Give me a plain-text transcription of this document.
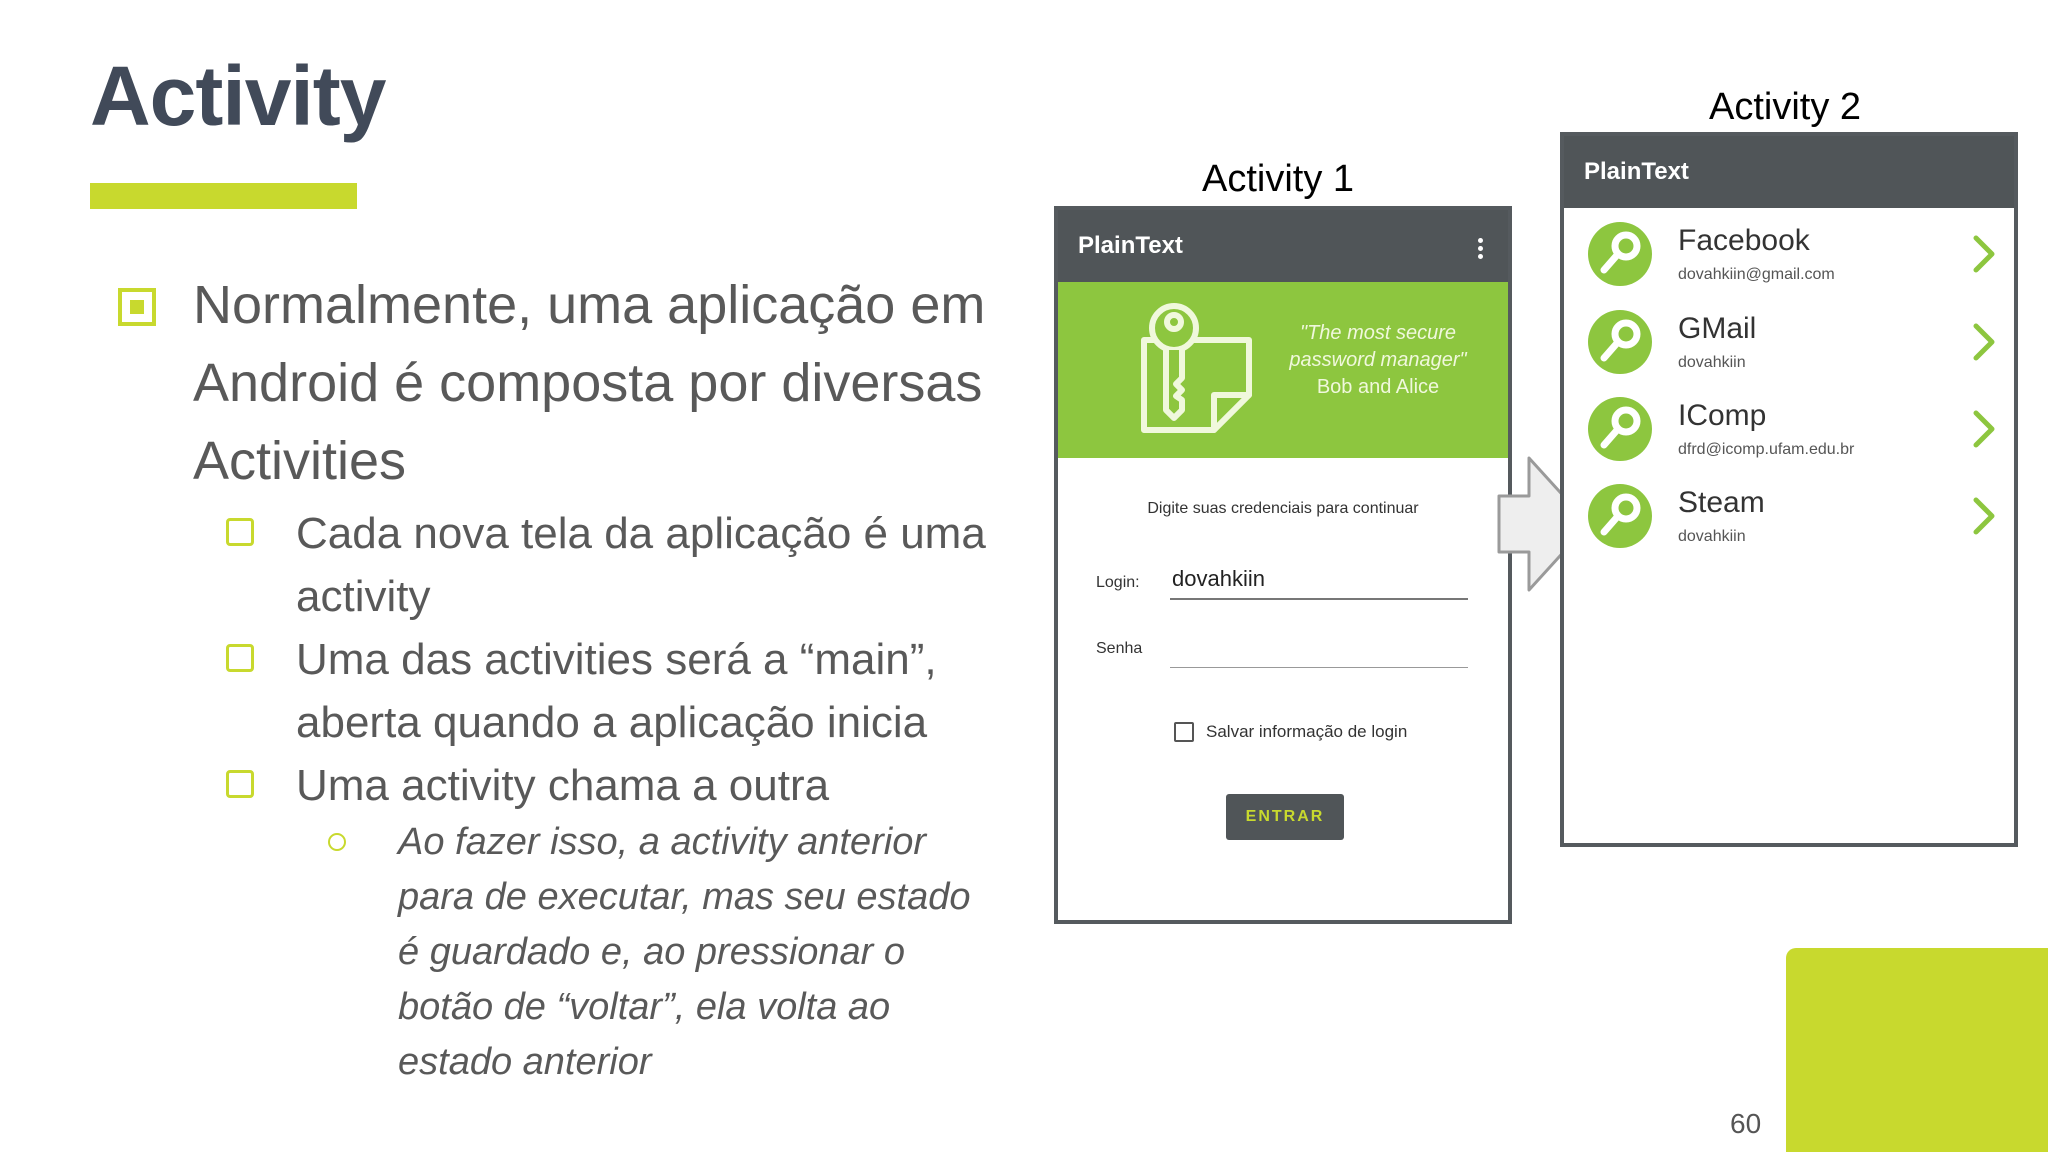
Activity
Normalmente, uma aplicação em Android é composta por diversas Activities
Cada nova tela da aplicação é uma activity
Uma das activities será a “main”, aberta quando a aplicação inicia
Uma activity chama a outra
Ao fazer isso, a activity anterior para de executar, mas seu estado é guardado e, ao pressionar o botão de “voltar”, ela volta ao estado anterior
Activity 1
Activity 2
PlainText
"The most secure password manager"
Bob and Alice
Digite suas credenciais para continuar
Login: dovahkiin
Senha
Salvar informação de login
ENTRAR
PlainText
Facebook
dovahkiin@gmail.com
GMail
dovahkiin
IComp
dfrd@icomp.ufam.edu.br
Steam
dovahkiin
60
